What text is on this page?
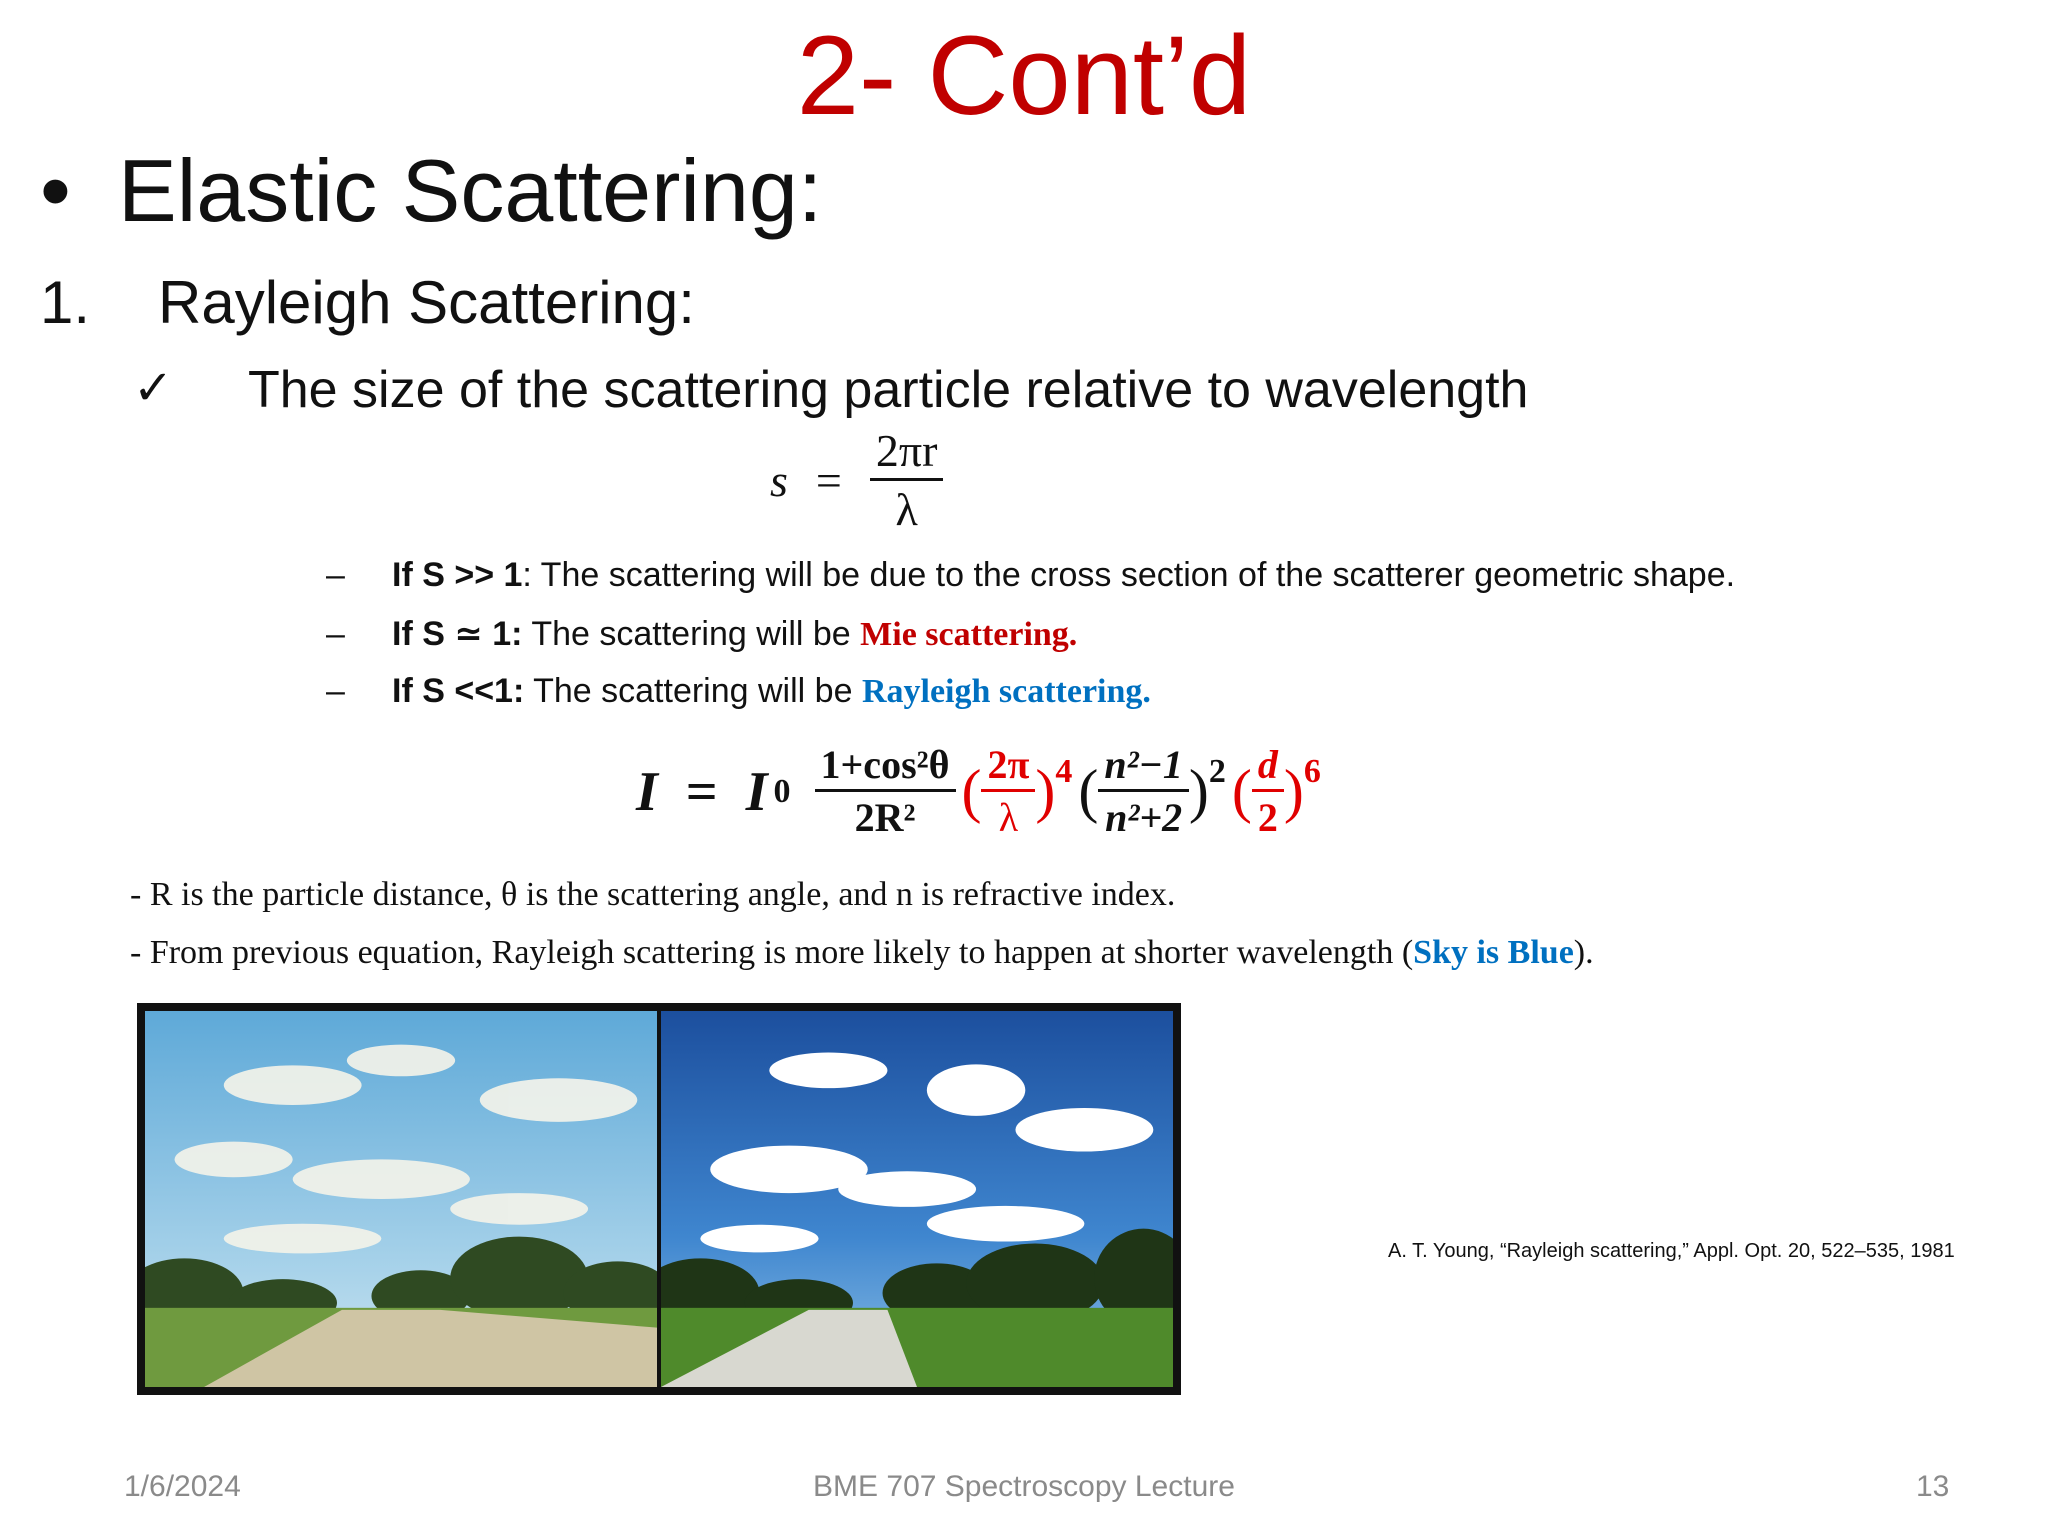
2- Cont’d
• Elastic Scattering:
1. Rayleigh Scattering:
✓ The size of the scattering particle relative to wavelength
$s = \frac{2\pi r}{\lambda}$
– If S >> 1: The scattering will be due to the cross section of the scatterer geometric shape.
– If S ≃ 1: The scattering will be Mie scattering.
– If S <<1: The scattering will be Rayleigh scattering.
I = I $0 \frac{\text{1+cos²θ}}{\text{2R²}}$ ( $\frac{2\pi}{\lambda}$ ) 4 ( $\frac{\text{n²−1}}{\text{n²+2}}$ ) 2 ( $\frac{d}{2}$ ) 6
- R is the particle distance, θ is the scattering angle, and n is refractive index.
- From previous equation, Rayleigh scattering is more likely to happen at shorter wavelength (Sky is Blue).
A. T. Young, “Rayleigh scattering,” Appl. Opt. 20, 522–535, 1981
1/6/2024	BME 707 Spectroscopy Lecture	13
